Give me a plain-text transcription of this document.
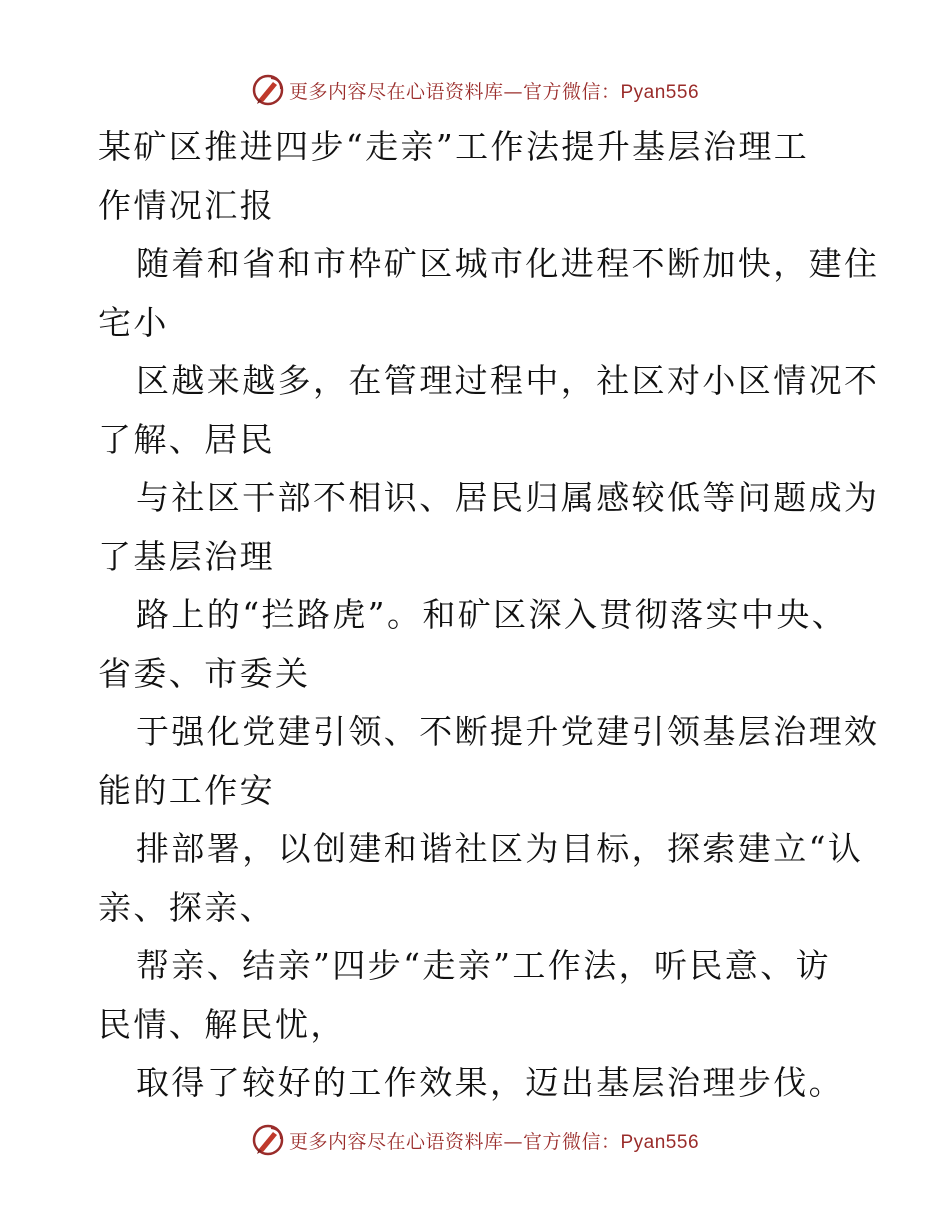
更多内容尽在心语资料库—官方微信：Pyan556
某矿区推进四步“走亲”工作法提升基层治理工
作情况汇报
随着和省和市枠矿区城市化进程不断加快，建住
宅小
区越来越多，在管理过程中，社区对小区情况不
了解、居民
与社区干部不相识、居民归属感较低等问题成为
了基层治理
路上的“拦路虎”。和矿区深入贯彻落实中央、
省委、市委关
于强化党建引领、不断提升党建引领基层治理效
能的工作安
排部署，以创建和谐社区为目标，探索建立“认
亲、探亲、
帮亲、结亲”四步“走亲”工作法，听民意、访
民情、解民忧，
取得了较好的工作效果，迈出基层治理步伐。
更多内容尽在心语资料库—官方微信：Pyan556
